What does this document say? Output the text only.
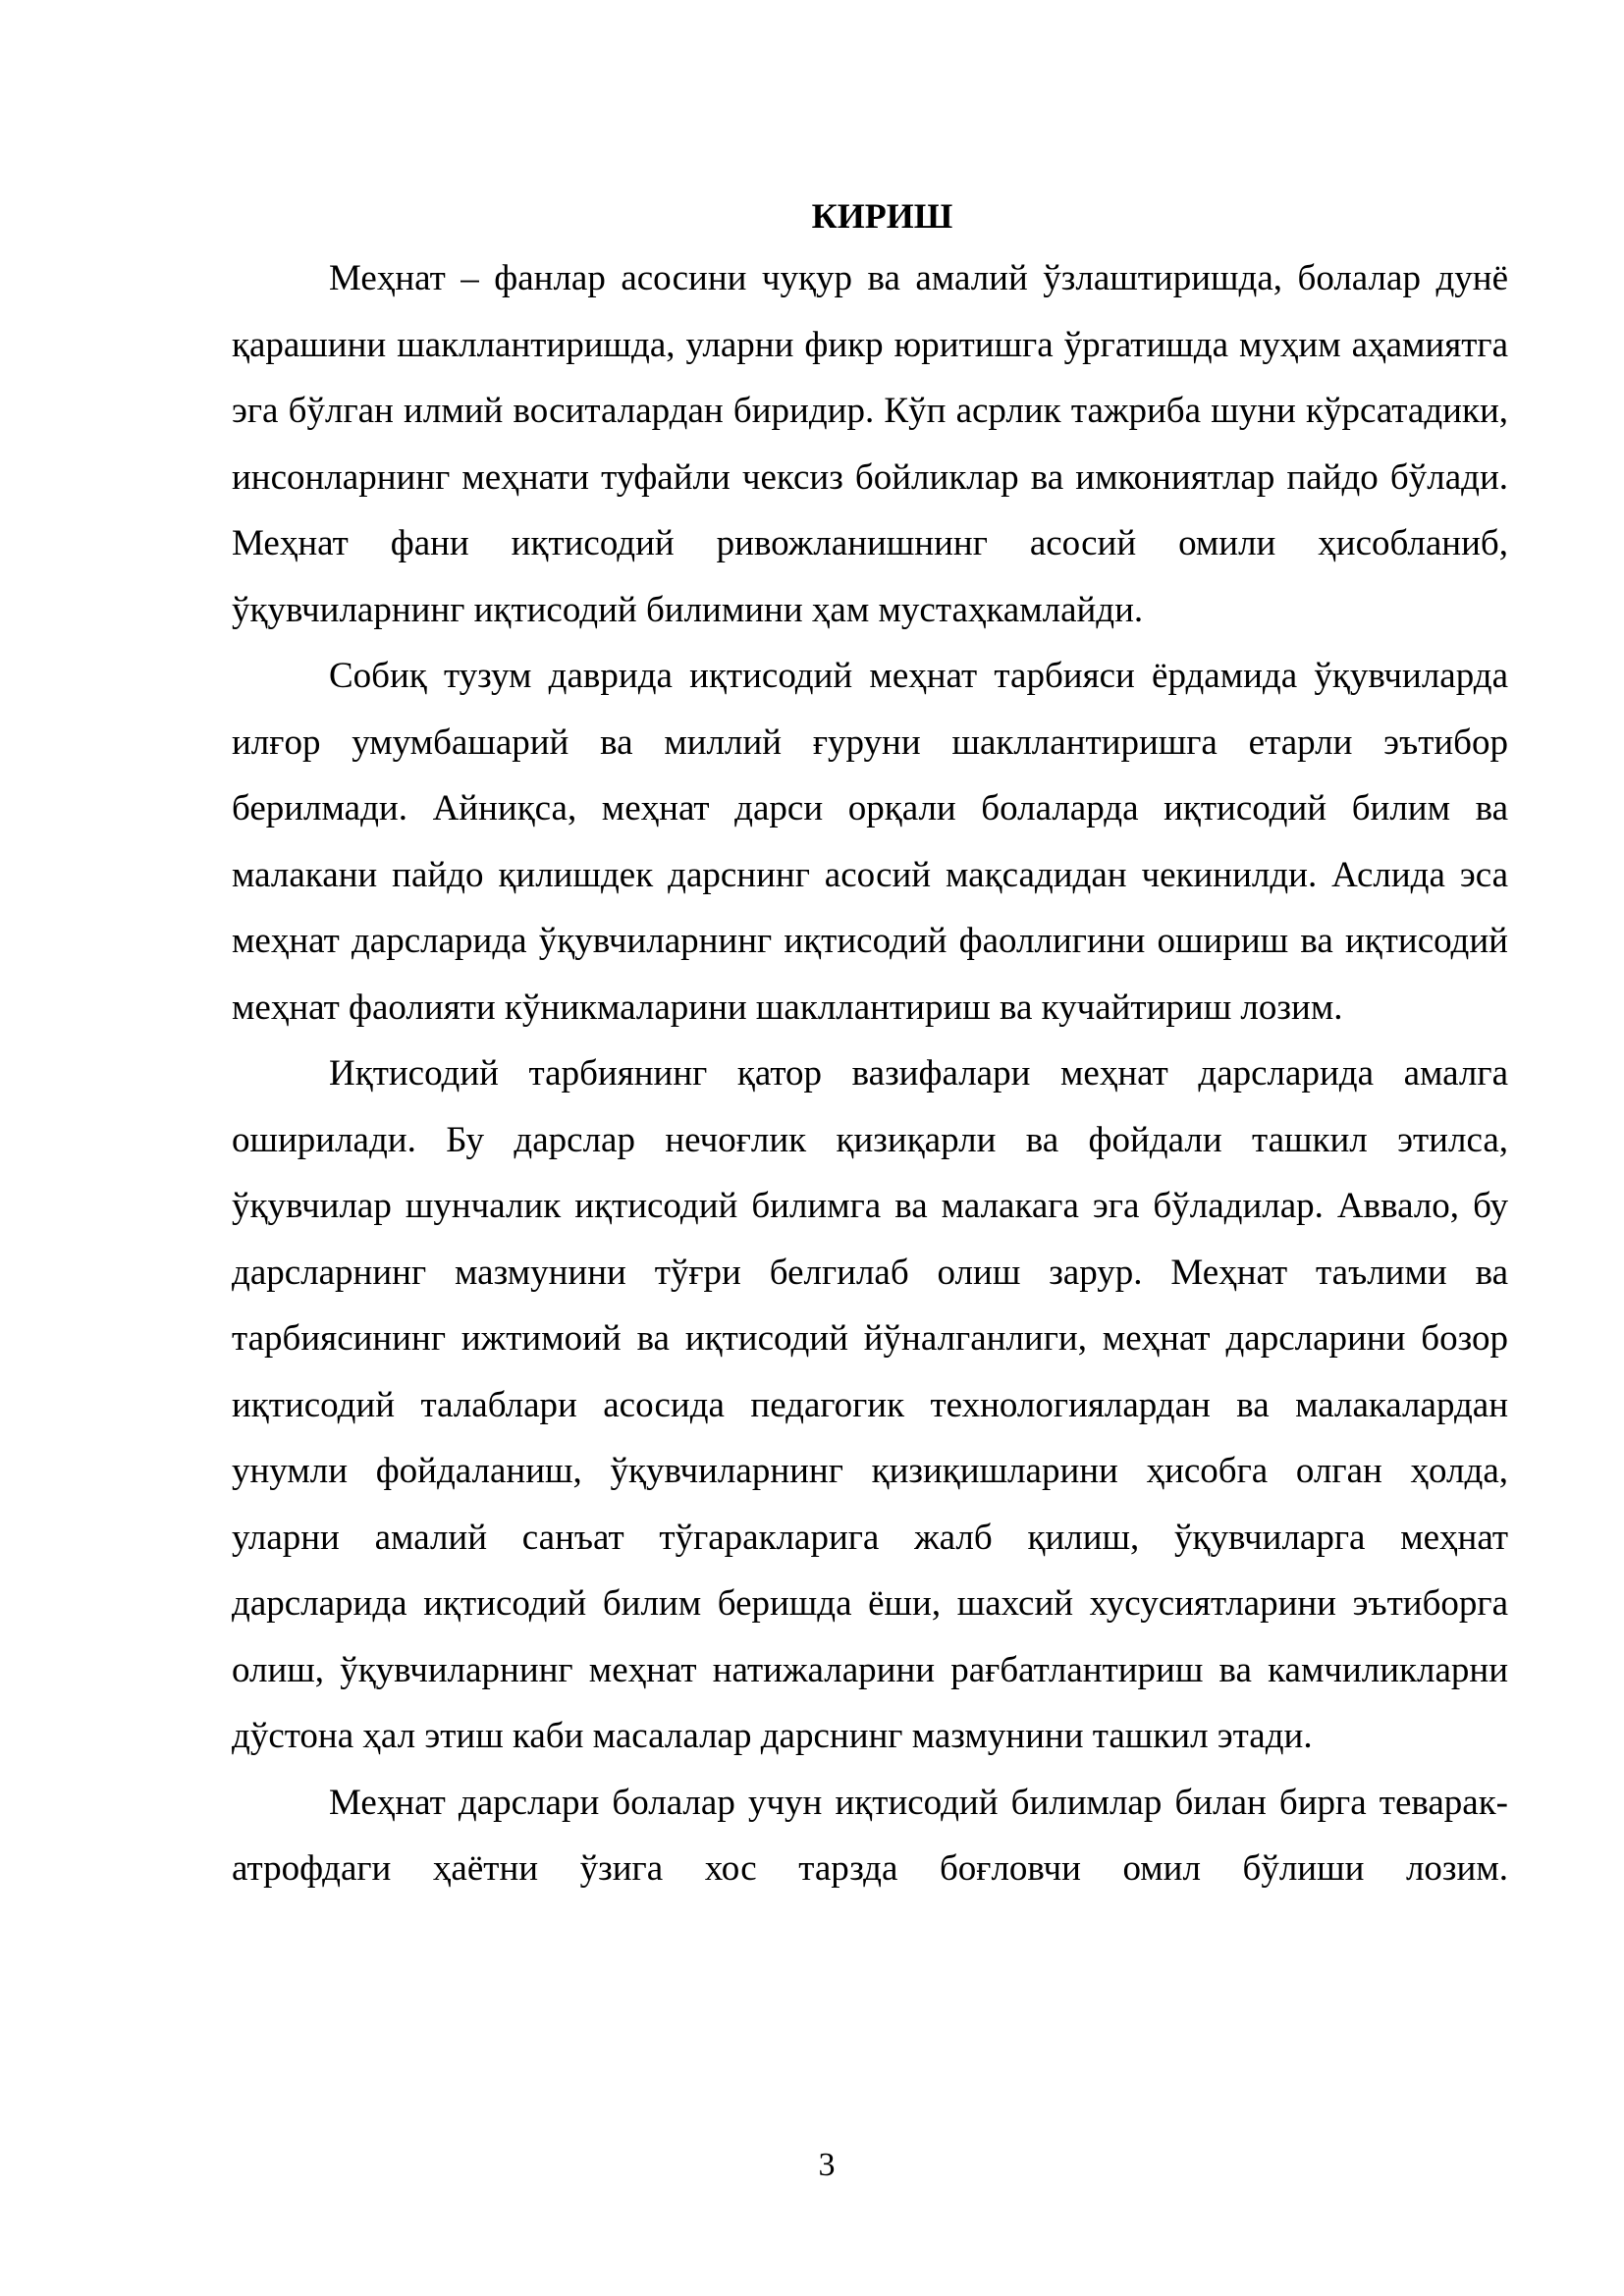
КИРИШ

Меҳнат – фанлар асосини чуқур ва амалий ўзлаштиришда, болалар дунё қарашини шакллантиришда, уларни фикр юритишга ўргатишда муҳим аҳамиятга эга бўлган илмий воситалардан биридир. Кўп асрлик тажриба шуни кўрсатадики, инсонларнинг меҳнати туфайли чексиз бойликлар ва имкониятлар пайдо бўлади. Меҳнат фани иқтисодий ривожланишнинг асосий омили ҳисобланиб, ўқувчиларнинг иқтисодий билимини ҳам мустаҳкамлайди.

Собиқ тузум даврида иқтисодий меҳнат тарбияси ёрдамида ўқувчиларда илғор умумбашарий ва миллий ғуруни шакллантиришга етарли эътибор берилмади. Айниқса, меҳнат дарси орқали болаларда иқтисодий билим ва малакани пайдо қилишдек дарснинг асосий мақсадидан чекинилди. Аслида эса меҳнат дарсларида ўқувчиларнинг иқтисодий фаоллигини ошириш ва иқтисодий меҳнат фаолияти кўникмаларини шакллантириш ва кучайтириш лозим.

Иқтисодий тарбиянинг қатор вазифалари меҳнат дарсларида амалга оширилади. Бу дарслар нечоғлик қизиқарли ва фойдали ташкил этилса, ўқувчилар шунчалик иқтисодий билимга ва малакага эга бўладилар. Аввало, бу дарсларнинг мазмунини тўғри белгилаб олиш зарур. Меҳнат таълими ва тарбиясининг ижтимоий ва иқтисодий йўналганлиги, меҳнат дарсларини бозор иқтисодий талаблари асосида педагогик технологиялардан ва малакалардан унумли фойдаланиш, ўқувчиларнинг қизиқишларини ҳисобга олган ҳолда, уларни амалий санъат тўгаракларига жалб қилиш, ўқувчиларга меҳнат дарсларида иқтисодий билим беришда ёши, шахсий хусусиятларини эътиборга олиш, ўқувчиларнинг меҳнат натижаларини рағбатлантириш ва камчиликларни дўстона ҳал этиш каби масалалар дарснинг мазмунини ташкил этади.

Меҳнат дарслари болалар учун иқтисодий билимлар билан бирга теварак-атрофдаги ҳаётни ўзига хос тарзда боғловчи омил бўлиши лозим.

3
